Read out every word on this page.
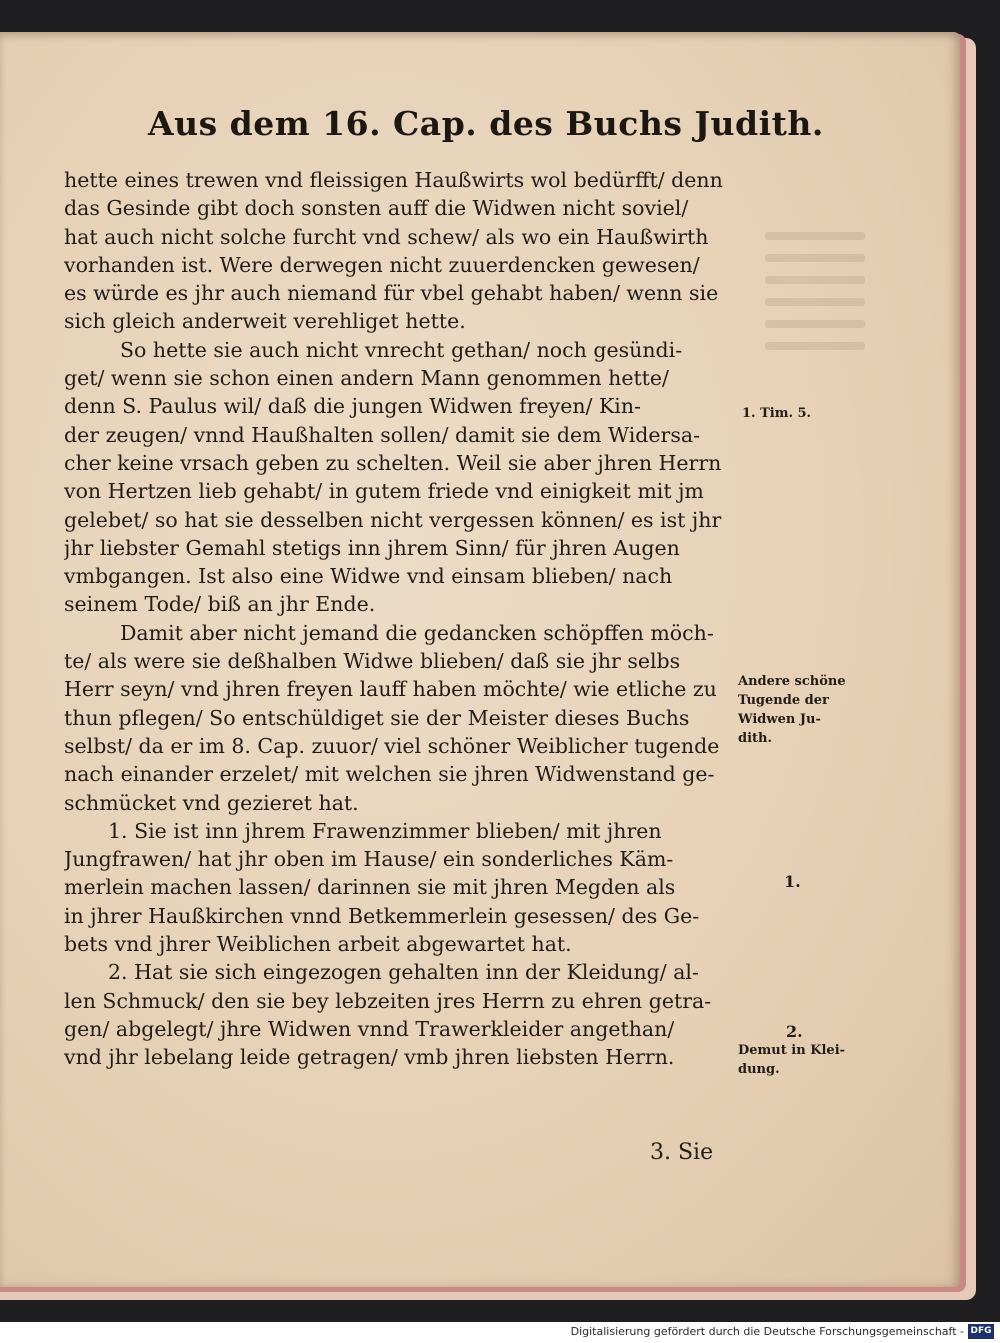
Aus dem 16. Cap. des Buchs Judith.
hette eines trewen vnd fleissigen Haußwirts wol bedürfft/ denn
das Gesinde gibt doch sonsten auff die Widwen nicht soviel/
hat auch nicht solche furcht vnd schew/ als wo ein Haußwirth
vorhanden ist. Were derwegen nicht zuuerdencken gewesen/
es würde es jhr auch niemand für vbel gehabt haben/ wenn sie
sich gleich anderweit verehliget hette.
So hette sie auch nicht vnrecht gethan/ noch gesündi-
get/ wenn sie schon einen andern Mann genommen hette/
denn S. Paulus wil/ daß die jungen Widwen freyen/ Kin-
der zeugen/ vnnd Haußhalten sollen/ damit sie dem Widersa-
cher keine vrsach geben zu schelten. Weil sie aber jhren Herrn
von Hertzen lieb gehabt/ in gutem friede vnd einigkeit mit jm
gelebet/ so hat sie desselben nicht vergessen können/ es ist jhr
jhr liebster Gemahl stetigs inn jhrem Sinn/ für jhren Augen
vmbgangen. Ist also eine Widwe vnd einsam blieben/ nach
seinem Tode/ biß an jhr Ende.
Damit aber nicht jemand die gedancken schöpffen möch-
te/ als were sie deßhalben Widwe blieben/ daß sie jhr selbs
Herr seyn/ vnd jhren freyen lauff haben möchte/ wie etliche zu
thun pflegen/ So entschüldiget sie der Meister dieses Buchs
selbst/ da er im 8. Cap. zuuor/ viel schöner Weiblicher tugende
nach einander erzelet/ mit welchen sie jhren Widwenstand ge-
schmücket vnd gezieret hat.
1. Sie ist inn jhrem Frawenzimmer blieben/ mit jhren
Jungfrawen/ hat jhr oben im Hause/ ein sonderliches Käm-
merlein machen lassen/ darinnen sie mit jhren Megden als
in jhrer Haußkirchen vnnd Betkemmerlein gesessen/ des Ge-
bets vnd jhrer Weiblichen arbeit abgewartet hat.
2. Hat sie sich eingezogen gehalten inn der Kleidung/ al-
len Schmuck/ den sie bey lebzeiten jres Herrn zu ehren getra-
gen/ abgelegt/ jhre Widwen vnnd Trawerkleider angethan/
vnd jhr lebelang leide getragen/ vmb jhren liebsten Herrn.
3. Sie
1. Tim. 5.
Andere schöne
Tugende der
Widwen Ju-
dith.
1.
2.
Demut in Klei-
dung.
Digitalisierung gefördert durch die Deutsche Forschungsgemeinschaft - DFG
